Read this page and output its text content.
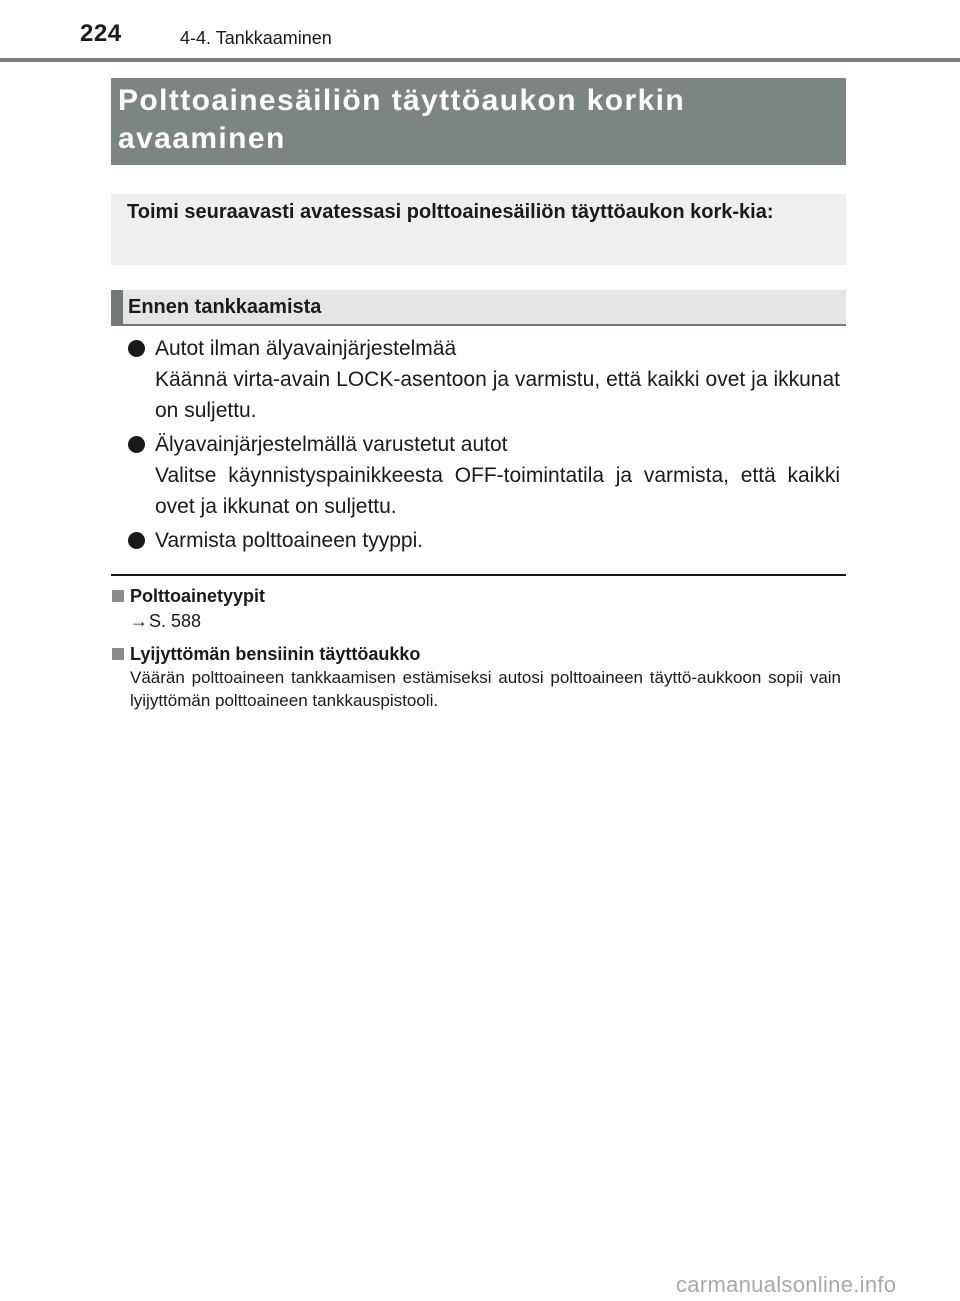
224	4-4. Tankkaaminen
Polttoainesäiliön täyttöaukon korkin
avaaminen
Toimi seuraavasti avatessasi polttoainesäiliön täyttöaukon kork-kia:
Ennen tankkaamista
Autot ilman älyavainjärjestelmää
Käännä virta-avain LOCK-asentoon ja varmistu, että kaikki ovet ja ikkunat on suljettu.
Älyavainjärjestelmällä varustetut autot
Valitse käynnistyspainikkeesta OFF-toimintatila ja varmista, että kaikki ovet ja ikkunat on suljettu.
Varmista polttoaineen tyyppi.
Polttoainetyypit
→S. 588
Lyijyttömän bensiinin täyttöaukko
Väärän polttoaineen tankkaamisen estämiseksi autosi polttoaineen täyttö-aukkoon sopii vain lyijyttömän polttoaineen tankkauspistooli.
carmanualsonline.info
